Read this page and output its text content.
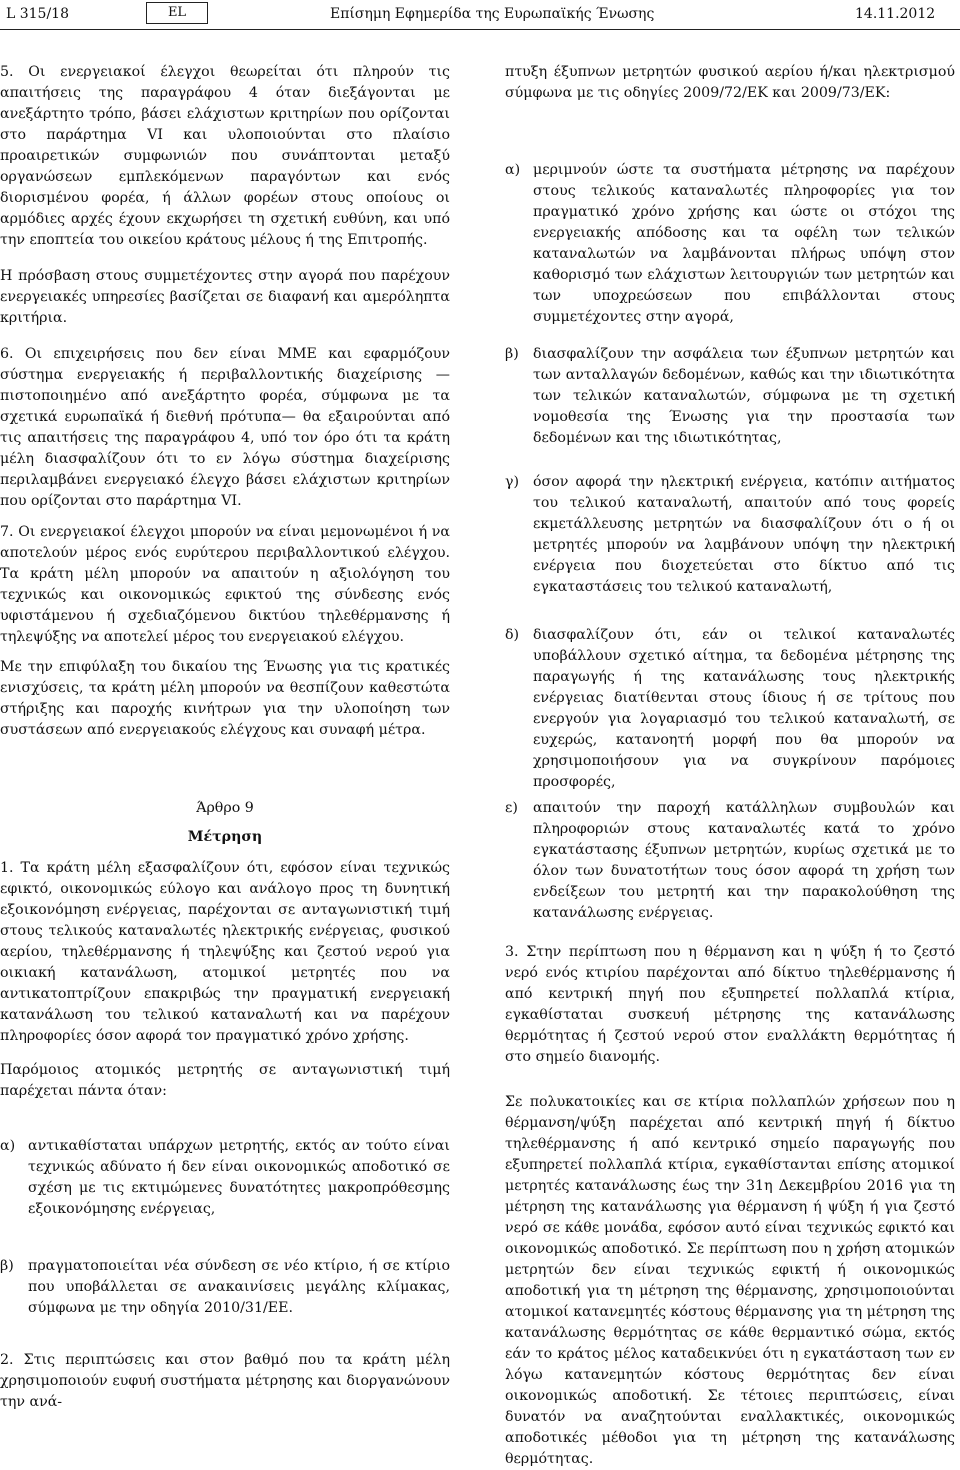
L 315/18	EL	Επίσημη Εφημερίδα της Ευρωπαϊκής Ένωσης	14.11.2012

5. Οι ενεργειακοί έλεγχοι θεωρείται ότι πληρούν τις απαιτήσεις της παραγράφου 4 όταν διεξάγονται με ανεξάρτητο τρόπο, βάσει ελάχιστων κριτηρίων που ορίζονται στο παράρτημα VI και υλοποιούνται στο πλαίσιο προαιρετικών συμφωνιών που συνάπτονται μεταξύ οργανώσεων εμπλεκόμενων παραγόντων και ενός διορισμένου φορέα, ή άλλων φορέων στους οποίους οι αρμόδιες αρχές έχουν εκχωρήσει τη σχετική ευθύνη, και υπό την εποπτεία του οικείου κράτους μέλους ή της Επιτροπής.

Η πρόσβαση στους συμμετέχοντες στην αγορά που παρέχουν ενεργειακές υπηρεσίες βασίζεται σε διαφανή και αμερόληπτα κριτήρια.

6. Οι επιχειρήσεις που δεν είναι ΜΜΕ και εφαρμόζουν σύστημα ενεργειακής ή περιβαλλοντικής διαχείρισης —πιστοποιημένο από ανεξάρτητο φορέα, σύμφωνα με τα σχετικά ευρωπαϊκά ή διεθνή πρότυπα— θα εξαιρούνται από τις απαιτήσεις της παραγράφου 4, υπό τον όρο ότι τα κράτη μέλη διασφαλίζουν ότι το εν λόγω σύστημα διαχείρισης περιλαμβάνει ενεργειακό έλεγχο βάσει ελάχιστων κριτηρίων που ορίζονται στο παράρτημα VI.

7. Οι ενεργειακοί έλεγχοι μπορούν να είναι μεμονωμένοι ή να αποτελούν μέρος ενός ευρύτερου περιβαλλοντικού ελέγχου. Τα κράτη μέλη μπορούν να απαιτούν η αξιολόγηση του τεχνικώς και οικονομικώς εφικτού της σύνδεσης ενός υφιστάμενου ή σχεδιαζόμενου δικτύου τηλεθέρμανσης ή τηλεψύξης να αποτελεί μέρος του ενεργειακού ελέγχου.

Με την επιφύλαξη του δικαίου της Ένωσης για τις κρατικές ενισχύσεις, τα κράτη μέλη μπορούν να θεσπίζουν καθεστώτα στήριξης και παροχής κινήτρων για την υλοποίηση των συστάσεων από ενεργειακούς ελέγχους και συναφή μέτρα.

Άρθρο 9

Μέτρηση

1. Τα κράτη μέλη εξασφαλίζουν ότι, εφόσον είναι τεχνικώς εφικτό, οικονομικώς εύλογο και ανάλογο προς τη δυνητική εξοικονόμηση ενέργειας, παρέχονται σε ανταγωνιστική τιμή στους τελικούς καταναλωτές ηλεκτρικής ενέργειας, φυσικού αερίου, τηλεθέρμανσης ή τηλεψύξης και ζεστού νερού για οικιακή κατανάλωση, ατομικοί μετρητές που να αντικατοπτρίζουν επακριβώς την πραγματική ενεργειακή κατανάλωση του τελικού καταναλωτή και να παρέχουν πληροφορίες όσον αφορά τον πραγματικό χρόνο χρήσης.

Παρόμοιος ατομικός μετρητής σε ανταγωνιστική τιμή παρέχεται πάντα όταν:

α) αντικαθίσταται υπάρχων μετρητής, εκτός αν τούτο είναι τεχνικώς αδύνατο ή δεν είναι οικονομικώς αποδοτικό σε σχέση με τις εκτιμώμενες δυνατότητες μακροπρόθεσμης εξοικονόμησης ενέργειας,
β) πραγματοποιείται νέα σύνδεση σε νέο κτίριο, ή σε κτίριο που υποβάλλεται σε ανακαινίσεις μεγάλης κλίμακας, σύμφωνα με την οδηγία 2010/31/ΕΕ.

2. Στις περιπτώσεις και στον βαθμό που τα κράτη μέλη χρησιμοποιούν ευφυή συστήματα μέτρησης και διοργανώνουν την ανά-

πτυξη έξυπνων μετρητών φυσικού αερίου ή/και ηλεκτρισμού σύμφωνα με τις οδηγίες 2009/72/ΕΚ και 2009/73/ΕΚ:

α) μεριμνούν ώστε τα συστήματα μέτρησης να παρέχουν στους τελικούς καταναλωτές πληροφορίες για τον πραγματικό χρόνο χρήσης και ώστε οι στόχοι της ενεργειακής απόδοσης και τα οφέλη των τελικών καταναλωτών να λαμβάνονται πλήρως υπόψη στον καθορισμό των ελάχιστων λειτουργιών των μετρητών και των υποχρεώσεων που επιβάλλονται στους συμμετέχοντες στην αγορά,
β) διασφαλίζουν την ασφάλεια των έξυπνων μετρητών και των ανταλλαγών δεδομένων, καθώς και την ιδιωτικότητα των τελικών καταναλωτών, σύμφωνα με τη σχετική νομοθεσία της Ένωσης για την προστασία των δεδομένων και της ιδιωτικότητας,
γ) όσον αφορά την ηλεκτρική ενέργεια, κατόπιν αιτήματος του τελικού καταναλωτή, απαιτούν από τους φορείς εκμετάλλευσης μετρητών να διασφαλίζουν ότι ο ή οι μετρητές μπορούν να λαμβάνουν υπόψη την ηλεκτρική ενέργεια που διοχετεύεται στο δίκτυο από τις εγκαταστάσεις του τελικού καταναλωτή,
δ) διασφαλίζουν ότι, εάν οι τελικοί καταναλωτές υποβάλλουν σχετικό αίτημα, τα δεδομένα μέτρησης της παραγωγής ή της κατανάλωσης τους ηλεκτρικής ενέργειας διατίθενται στους ίδιους ή σε τρίτους που ενεργούν για λογαριασμό του τελικού καταναλωτή, σε ευχερώς, κατανοητή μορφή που θα μπορούν να χρησιμοποιήσουν για να συγκρίνουν παρόμοιες προσφορές,
ε) απαιτούν την παροχή κατάλληλων συμβουλών και πληροφοριών στους καταναλωτές κατά το χρόνο εγκατάστασης έξυπνων μετρητών, κυρίως σχετικά με το όλον των δυνατοτήτων τους όσον αφορά τη χρήση των ενδείξεων του μετρητή και την παρακολούθηση της κατανάλωσης ενέργειας.

3. Στην περίπτωση που η θέρμανση και η ψύξη ή το ζεστό νερό ενός κτιρίου παρέχονται από δίκτυο τηλεθέρμανσης ή από κεντρική πηγή που εξυπηρετεί πολλαπλά κτίρια, εγκαθίσταται συσκευή μέτρησης της κατανάλωσης θερμότητας ή ζεστού νερού στον εναλλάκτη θερμότητας ή στο σημείο διανομής.

Σε πολυκατοικίες και σε κτίρια πολλαπλών χρήσεων που η θέρμανση/ψύξη παρέχεται από κεντρική πηγή ή δίκτυο τηλεθέρμανσης ή από κεντρικό σημείο παραγωγής που εξυπηρετεί πολλαπλά κτίρια, εγκαθίστανται επίσης ατομικοί μετρητές κατανάλωσης έως την 31η Δεκεμβρίου 2016 για τη μέτρηση της κατανάλωσης για θέρμανση ή ψύξη ή για ζεστό νερό σε κάθε μονάδα, εφόσον αυτό είναι τεχνικώς εφικτό και οικονομικώς αποδοτικό. Σε περίπτωση που η χρήση ατομικών μετρητών δεν είναι τεχνικώς εφικτή ή οικονομικώς αποδοτική για τη μέτρηση της θέρμανσης, χρησιμοποιούνται ατομικοί κατανεμητές κόστους θέρμανσης για τη μέτρηση της κατανάλωσης θερμότητας σε κάθε θερμαντικό σώμα, εκτός εάν το κράτος μέλος καταδεικνύει ότι η εγκατάσταση των εν λόγω κατανεμητών κόστους θερμότητας δεν είναι οικονομικώς αποδοτική. Σε τέτοιες περιπτώσεις, είναι δυνατόν να αναζητούνται εναλλακτικές, οικονομικώς αποδοτικές μέθοδοι για τη μέτρηση της κατανάλωσης θερμότητας.
